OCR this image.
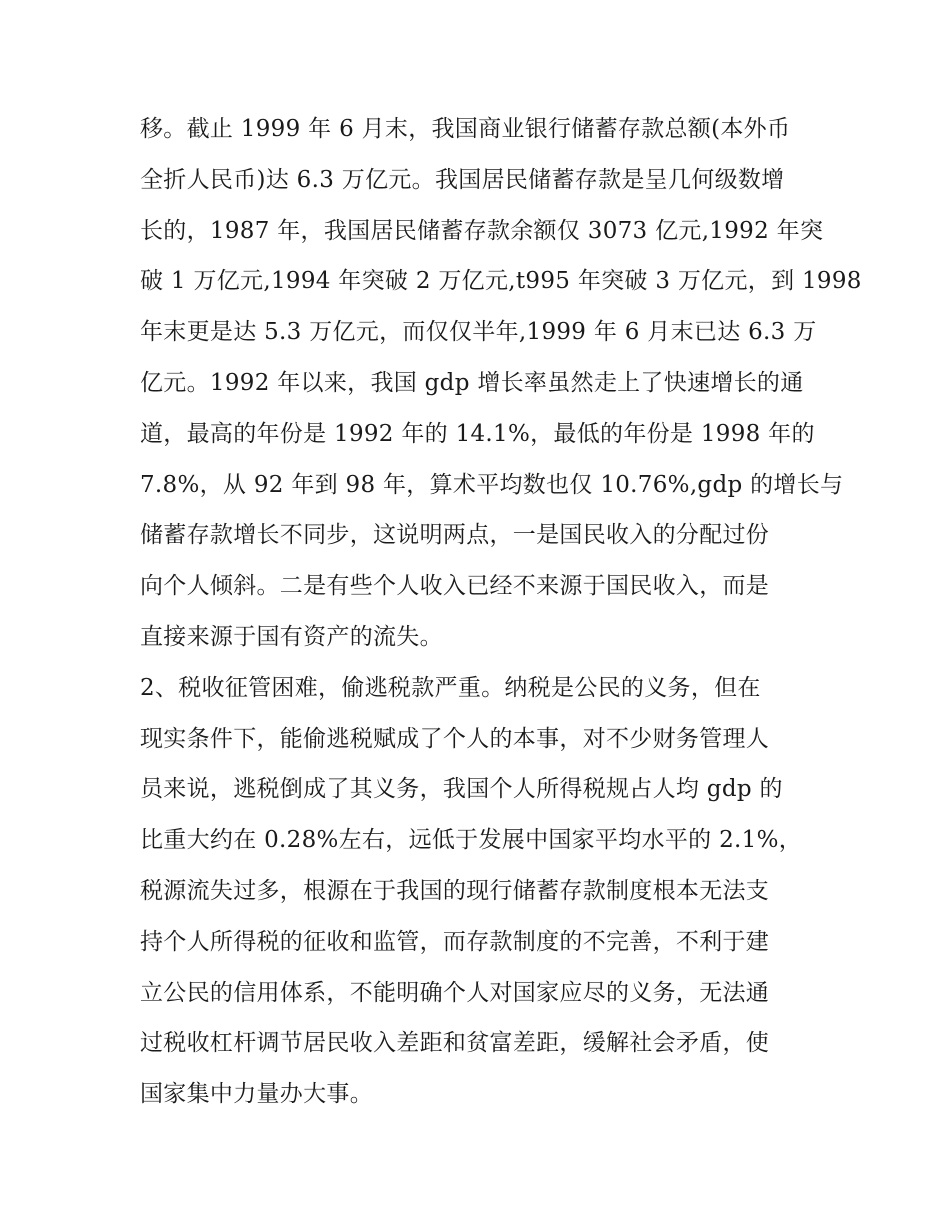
移。截止 1999 年 6 月末，我国商业银行储蓄存款总额(本外币
全折人民币)达 6.3 万亿元。我国居民储蓄存款是呈几何级数增
长的，1987 年，我国居民储蓄存款余额仅 3073 亿元,1992 年突
破 1 万亿元,1994 年突破 2 万亿元,t995 年突破 3 万亿元，到 1998
年末更是达 5.3 万亿元，而仅仅半年,1999 年 6 月末已达 6.3 万
亿元。1992 年以来，我国 gdp 增长率虽然走上了快速增长的通
道，最高的年份是 1992 年的 14.1%，最低的年份是 1998 年的
7.8%，从 92 年到 98 年，算术平均数也仅 10.76%,gdp 的增长与
储蓄存款增长不同步，这说明两点，一是国民收入的分配过份
向个人倾斜。二是有些个人收入已经不来源于国民收入，而是
直接来源于国有资产的流失。
2、税收征管困难，偷逃税款严重。纳税是公民的义务，但在
现实条件下，能偷逃税赋成了个人的本事，对不少财务管理人
员来说，逃税倒成了其义务，我国个人所得税规占人均 gdp 的
比重大约在 0.28%左右，远低于发展中国家平均水平的 2.1%，
税源流失过多，根源在于我国的现行储蓄存款制度根本无法支
持个人所得税的征收和监管，而存款制度的不完善，不利于建
立公民的信用体系，不能明确个人对国家应尽的义务，无法通
过税收杠杆调节居民收入差距和贫富差距，缓解社会矛盾，使
国家集中力量办大事。
